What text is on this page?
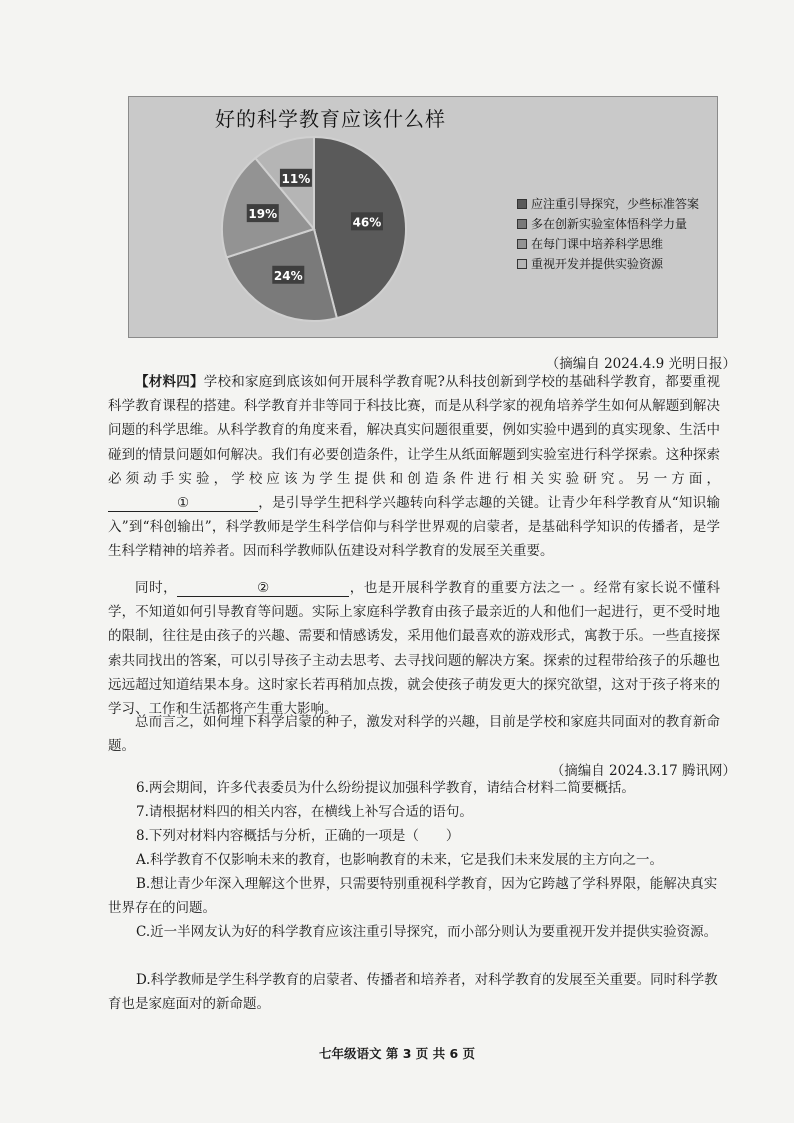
好的科学教育应该什么样
46%
24%
19%
11%
应注重引导探究，少些标准答案
多在创新实验室体悟科学力量
在每门课中培养科学思维
重视开发并提供实验资源
（摘编自 2024.4.9 光明日报）
【材料四】学校和家庭到底该如何开展科学教育呢?从科技创新到学校的基础科学教育，都要重视科学教育课程的搭建。科学教育并非等同于科技比赛，而是从科学家的视角培养学生如何从解题到解决问题的科学思维。从科学教育的角度来看，解决真实问题很重要，例如实验中遇到的真实现象、生活中碰到的情景问题如何解决。我们有必要创造条件，让学生从纸面解题到实验室进行科学探索。这种探索必须动手实验，学校应该为学生提供和创造条件进行相关实验研究。另一方面，①	，是引导学生把科学兴趣转向科学志趣的关键。让青少年科学教育从“知识输入”到“科创输出”，科学教师是学生科学信仰与科学世界观的启蒙者，是基础科学知识的传播者，是学生科学精神的培养者。因而科学教师队伍建设对科学教育的发展至关重要。
同时，	②	，也是开展科学教育的重要方法之一 。经常有家长说不懂科学，不知道如何引导教育等问题。实际上家庭科学教育由孩子最亲近的人和他们一起进行，更不受时地的限制，往往是由孩子的兴趣、需要和情感诱发，采用他们最喜欢的游戏形式，寓教于乐。一些直接探索共同找出的答案，可以引导孩子主动去思考、去寻找问题的解决方案。探索的过程带给孩子的乐趣也远远超过知道结果本身。这时家长若再稍加点拨，就会使孩子萌发更大的探究欲望，这对于孩子将来的学习、工作和生活都将产生重大影响。
总而言之，如何埋下科学启蒙的种子，激发对科学的兴趣，目前是学校和家庭共同面对的教育新命题。
（摘编自 2024.3.17 腾讯网）
6.两会期间，许多代表委员为什么纷纷提议加强科学教育，请结合材料二简要概括。
7.请根据材料四的相关内容，在横线上补写合适的语句。
8.下列对材料内容概括与分析，正确的一项是（　　）
A.科学教育不仅影响未来的教育，也影响教育的未来，它是我们未来发展的主方向之一。
B.想让青少年深入理解这个世界，只需要特别重视科学教育，因为它跨越了学科界限，能解决真实世界存在的问题。
C.近一半网友认为好的科学教育应该注重引导探究，而小部分则认为要重视开发并提供实验资源。
D.科学教师是学生科学教育的启蒙者、传播者和培养者，对科学教育的发展至关重要。同时科学教育也是家庭面对的新命题。
七年级语文 第 3 页 共 6 页
